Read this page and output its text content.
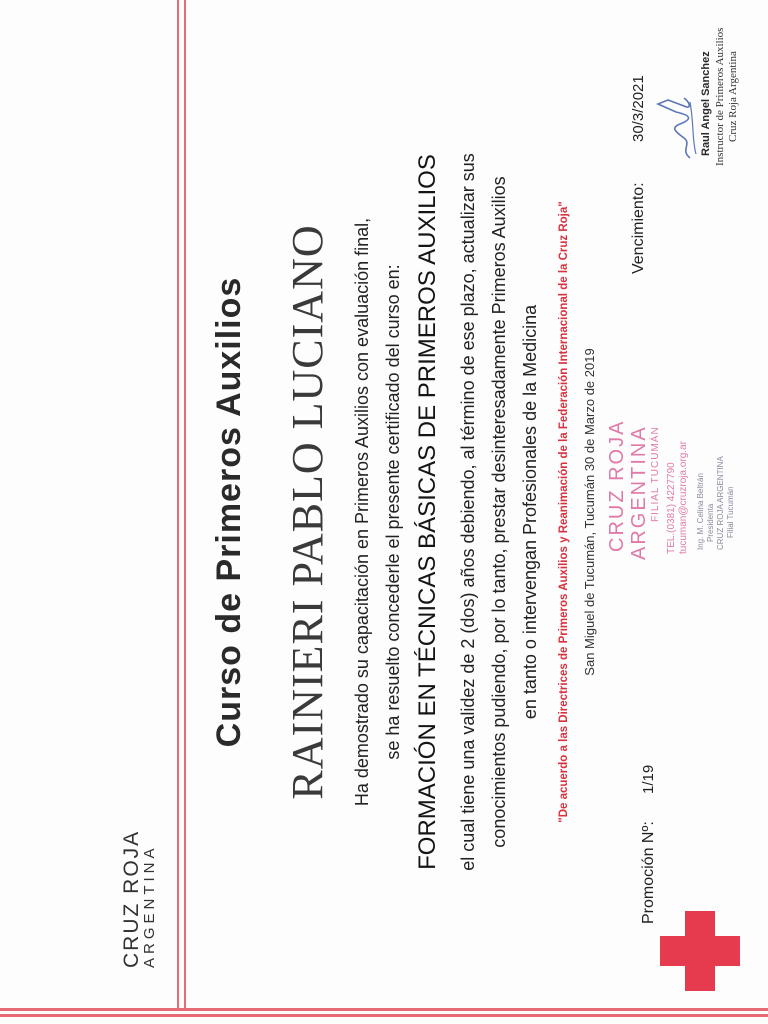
CRUZ ROJA
ARGENTINA
Curso de Primeros Auxilios RAINIERI PABLO LUCIANO Ha demostrado su capacitación en Primeros Auxilios con evaluación final, se ha resuelto concederle el presente certificado del curso en: FORMACIÓN EN TÉCNICAS BÁSICAS DE PRIMEROS AUXILIOS el cual tiene una validez de 2 (dos) años debiendo, al término de ese plazo, actualizar sus conocimientos pudiendo, por lo tanto, prestar desinteresadamente Primeros Auxilios en tanto o intervengan Profesionales de la Medicina "De acuerdo a las Directrices de Primeros Auxilios y Reanimación de la Federación Internacional de la Cruz Roja" San Miguel de Tucumán, Tucumán 30 de Marzo de 2019
Promoción Nº:
1/19
Vencimiento:
30/3/2021
CRUZ ROJA ARGENTINA FILIAL TUCUMÁN TEL.(0381) 4227790 tucuman@cruzroja.org.ar Ing. M. Celina Beltrán Presidenta CRUZ ROJA ARGENTINA Filial Tucumán
Raul Angel Sanchez Instructor de Primeros Auxilios Cruz Roja Argentina
